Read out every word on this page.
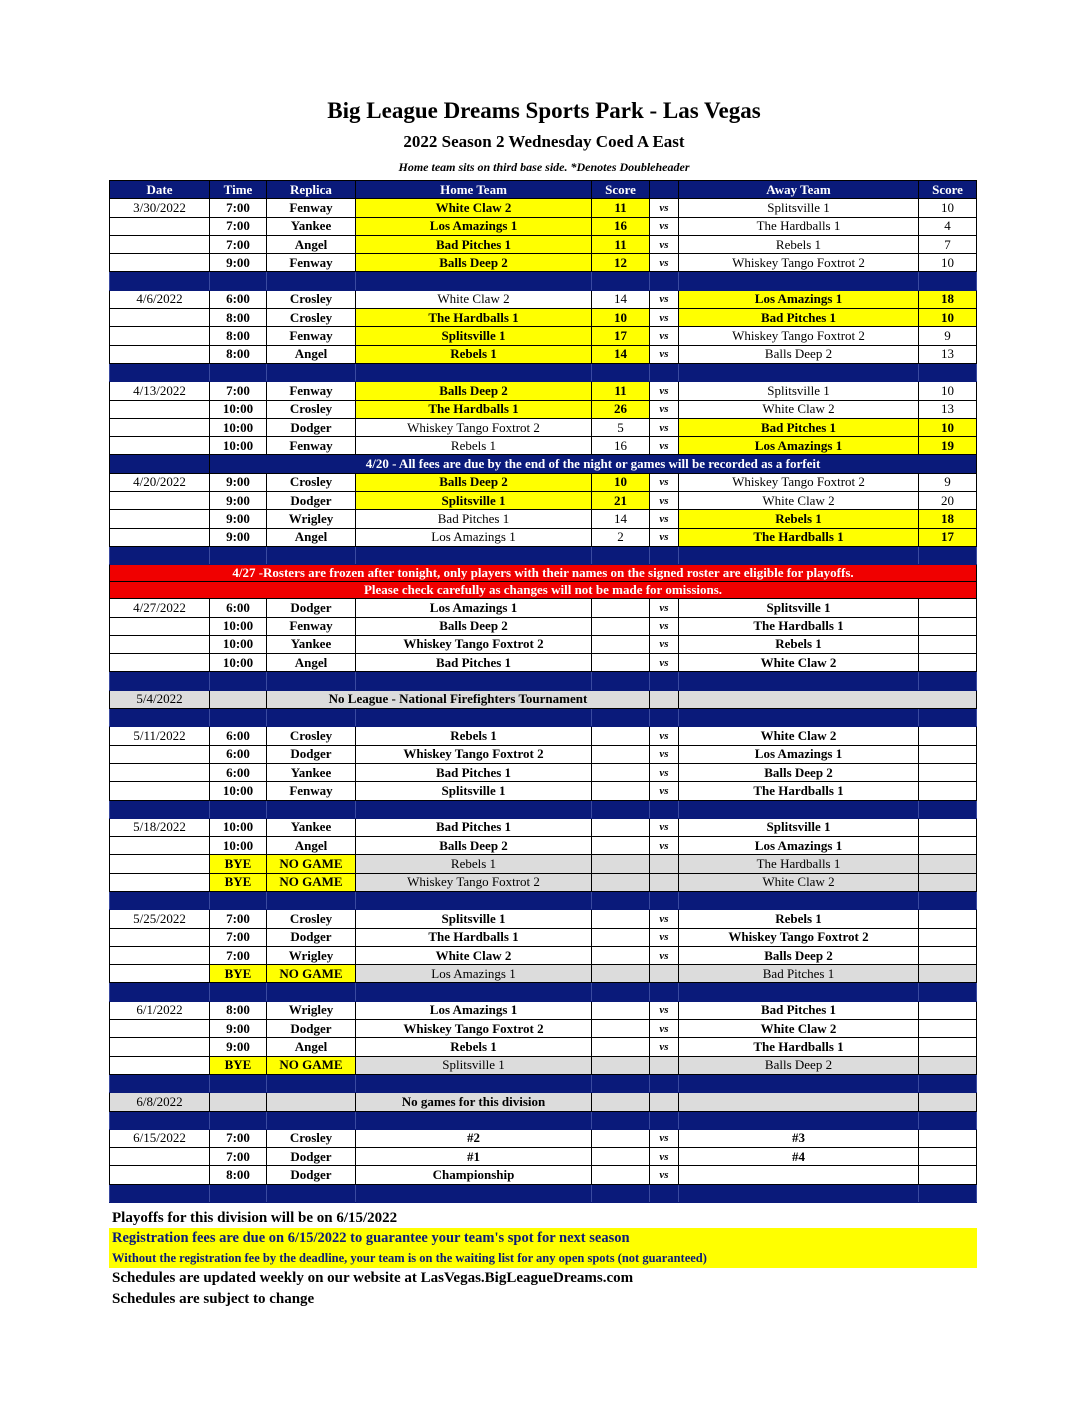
Big League Dreams Sports Park - Las Vegas
2022 Season 2 Wednesday Coed A East
Home team sits on third base side. *Denotes Doubleheader
Date	Time	Replica	Home Team	Score		Away Team	Score
3/30/2022	7:00	Fenway	White Claw 2	11	vs	Splitsville 1	10
	7:00	Yankee	Los Amazings 1	16	vs	The Hardballs 1	4
	7:00	Angel	Bad Pitches 1	11	vs	Rebels 1	7
	9:00	Fenway	Balls Deep 2	12	vs	Whiskey Tango Foxtrot 2	10

4/6/2022	6:00	Crosley	White Claw 2	14	vs	Los Amazings 1	18
	8:00	Crosley	The Hardballs 1	10	vs	Bad Pitches 1	10
	8:00	Fenway	Splitsville 1	17	vs	Whiskey Tango Foxtrot 2	9
	8:00	Angel	Rebels 1	14	vs	Balls Deep 2	13

4/13/2022	7:00	Fenway	Balls Deep 2	11	vs	Splitsville 1	10
	10:00	Crosley	The Hardballs 1	26	vs	White Claw 2	13
	10:00	Dodger	Whiskey Tango Foxtrot 2	5	vs	Bad Pitches 1	10
	10:00	Fenway	Rebels 1	16	vs	Los Amazings 1	19
	4/20 - All fees are due by the end of the night or games will be recorded as a forfeit						
4/20/2022	9:00	Crosley	Balls Deep 2	10	vs	Whiskey Tango Foxtrot 2	9
	9:00	Dodger	Splitsville 1	21	vs	White Claw 2	20
	9:00	Wrigley	Bad Pitches 1	14	vs	Rebels 1	18
	9:00	Angel	Los Amazings 1	2	vs	The Hardballs 1	17

4/27 -Rosters are frozen after tonight, only players with their names on the signed roster are eligible for playoffs.							
Please check carefully as changes will not be made for omissions.							
4/27/2022	6:00	Dodger	Los Amazings 1		vs	Splitsville 1	
	10:00	Fenway	Balls Deep 2		vs	The Hardballs 1	
	10:00	Yankee	Whiskey Tango Foxtrot 2		vs	Rebels 1	
	10:00	Angel	Bad Pitches 1		vs	White Claw 2	

5/4/2022		No League - National Firefighters Tournament					

5/11/2022	6:00	Crosley	Rebels 1		vs	White Claw 2	
	6:00	Dodger	Whiskey Tango Foxtrot 2		vs	Los Amazings 1	
	6:00	Yankee	Bad Pitches 1		vs	Balls Deep 2	
	10:00	Fenway	Splitsville 1		vs	The Hardballs 1	

5/18/2022	10:00	Yankee	Bad Pitches 1		vs	Splitsville 1	
	10:00	Angel	Balls Deep 2		vs	Los Amazings 1	
	BYE	NO GAME	Rebels 1			The Hardballs 1	
	BYE	NO GAME	Whiskey Tango Foxtrot 2			White Claw 2	

5/25/2022	7:00	Crosley	Splitsville 1		vs	Rebels 1	
	7:00	Dodger	The Hardballs 1		vs	Whiskey Tango Foxtrot 2	
	7:00	Wrigley	White Claw 2		vs	Balls Deep 2	
	BYE	NO GAME	Los Amazings 1			Bad Pitches 1	

6/1/2022	8:00	Wrigley	Los Amazings 1		vs	Bad Pitches 1	
	9:00	Dodger	Whiskey Tango Foxtrot 2		vs	White Claw 2	
	9:00	Angel	Rebels 1		vs	The Hardballs 1	
	BYE	NO GAME	Splitsville 1			Balls Deep 2	

6/8/2022			No games for this division				

6/15/2022	7:00	Crosley	#2		vs	#3	
	7:00	Dodger	#1		vs	#4	
	8:00	Dodger	Championship		vs		

Playoffs for this division will be on 6/15/2022
Registration fees are due on 6/15/2022 to guarantee your team's spot for next season
Without the registration fee by the deadline, your team is on the waiting list for any open spots (not guaranteed)
Schedules are updated weekly on our website at LasVegas.BigLeagueDreams.com
Schedules are subject to change
